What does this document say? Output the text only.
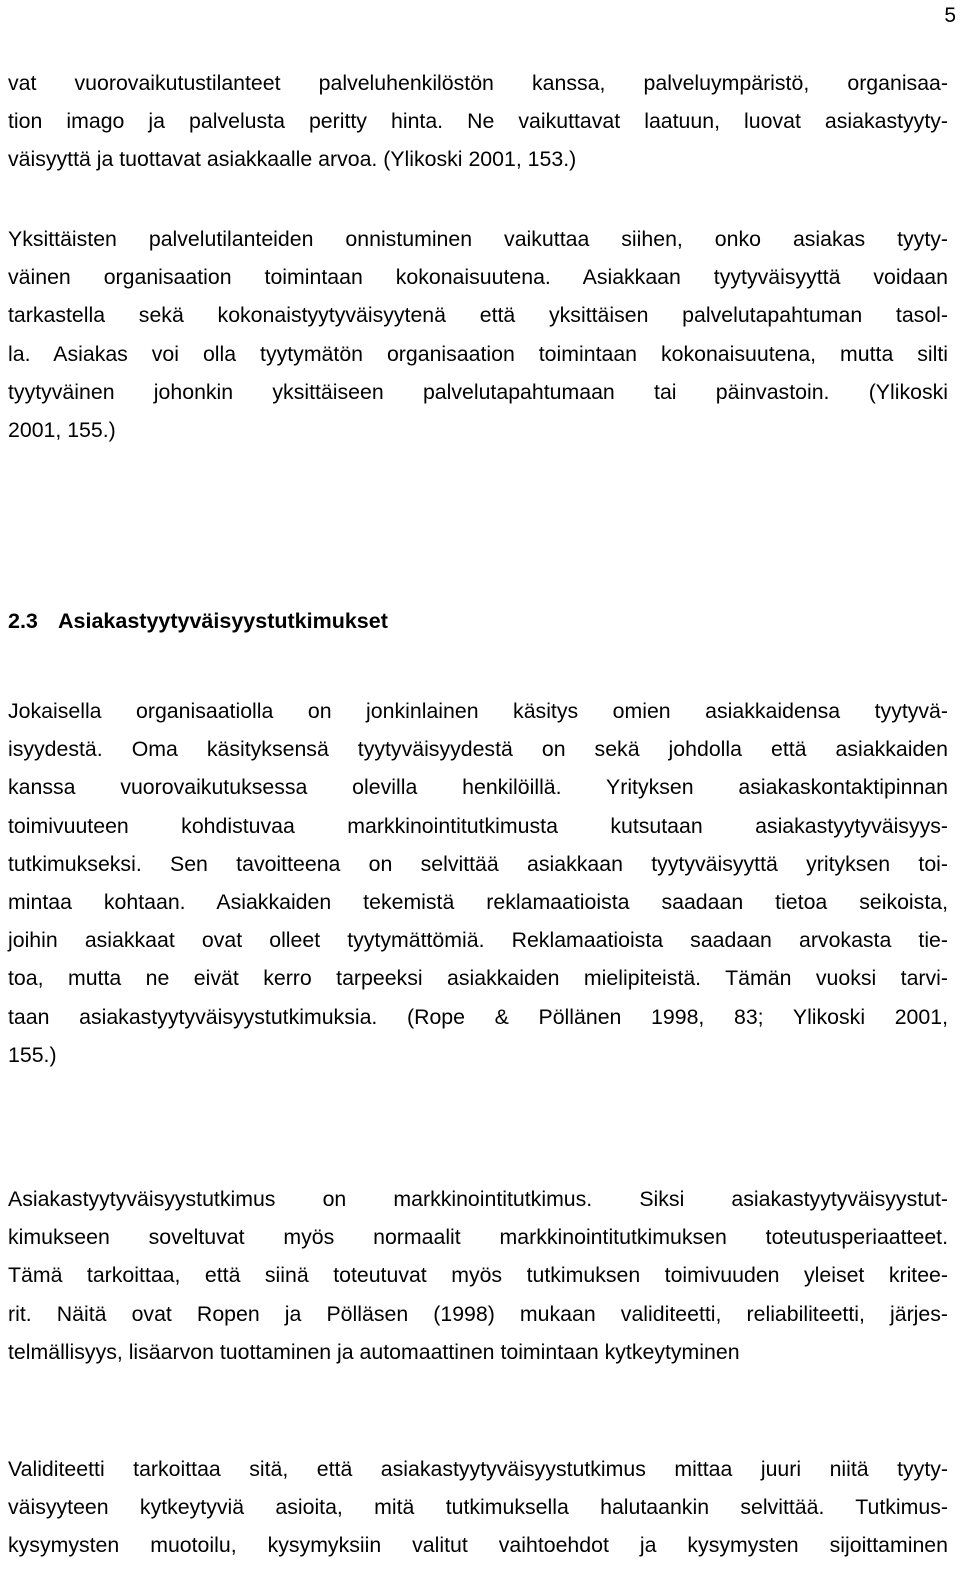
5
vat vuorovaikutustilanteet palveluhenkilöstön kanssa, palveluympäristö, organisaa-
tion imago ja palvelusta peritty hinta. Ne vaikuttavat laatuun, luovat asiakastyyty-
väisyyttä ja tuottavat asiakkaalle arvoa. (Ylikoski 2001, 153.)
Yksittäisten palvelutilanteiden onnistuminen vaikuttaa siihen, onko asiakas tyyty-
väinen organisaation toimintaan kokonaisuutena. Asiakkaan tyytyväisyyttä voidaan
tarkastella sekä kokonaistyytyväisyytenä että yksittäisen palvelutapahtuman tasol-
la. Asiakas voi olla tyytymätön organisaation toimintaan kokonaisuutena, mutta silti
tyytyväinen johonkin yksittäiseen palvelutapahtumaan tai päinvastoin. (Ylikoski
2001, 155.)
2.3 Asiakastyytyväisyystutkimukset
Jokaisella organisaatiolla on jonkinlainen käsitys omien asiakkaidensa tyytyvä-
isyydestä. Oma käsityksensä tyytyväisyydestä on sekä johdolla että asiakkaiden
kanssa vuorovaikutuksessa olevilla henkilöillä. Yrityksen asiakaskontaktipinnan
toimivuuteen kohdistuvaa markkinointitutkimusta kutsutaan asiakastyytyväisyys-
tutkimukseksi. Sen tavoitteena on selvittää asiakkaan tyytyväisyyttä yrityksen toi-
mintaa kohtaan. Asiakkaiden tekemistä reklamaatioista saadaan tietoa seikoista,
joihin asiakkaat ovat olleet tyytymättömiä. Reklamaatioista saadaan arvokasta tie-
toa, mutta ne eivät kerro tarpeeksi asiakkaiden mielipiteistä. Tämän vuoksi tarvi-
taan asiakastyytyväisyystutkimuksia. (Rope & Pöllänen 1998, 83; Ylikoski 2001,
155.)
Asiakastyytyväisyystutkimus on markkinointitutkimus. Siksi asiakastyytyväisyystut-
kimukseen soveltuvat myös normaalit markkinointitutkimuksen toteutusperiaatteet.
Tämä tarkoittaa, että siinä toteutuvat myös tutkimuksen toimivuuden yleiset kritee-
rit. Näitä ovat Ropen ja Pölläsen (1998) mukaan validiteetti, reliabiliteetti, järjes-
telmällisyys, lisäarvon tuottaminen ja automaattinen toimintaan kytkeytyminen
Validiteetti tarkoittaa sitä, että asiakastyytyväisyystutkimus mittaa juuri niitä tyyty-
väisyyteen kytkeytyviä asioita, mitä tutkimuksella halutaankin selvittää. Tutkimus-
kysymysten muotoilu, kysymyksiin valitut vaihtoehdot ja kysymysten sijoittaminen
